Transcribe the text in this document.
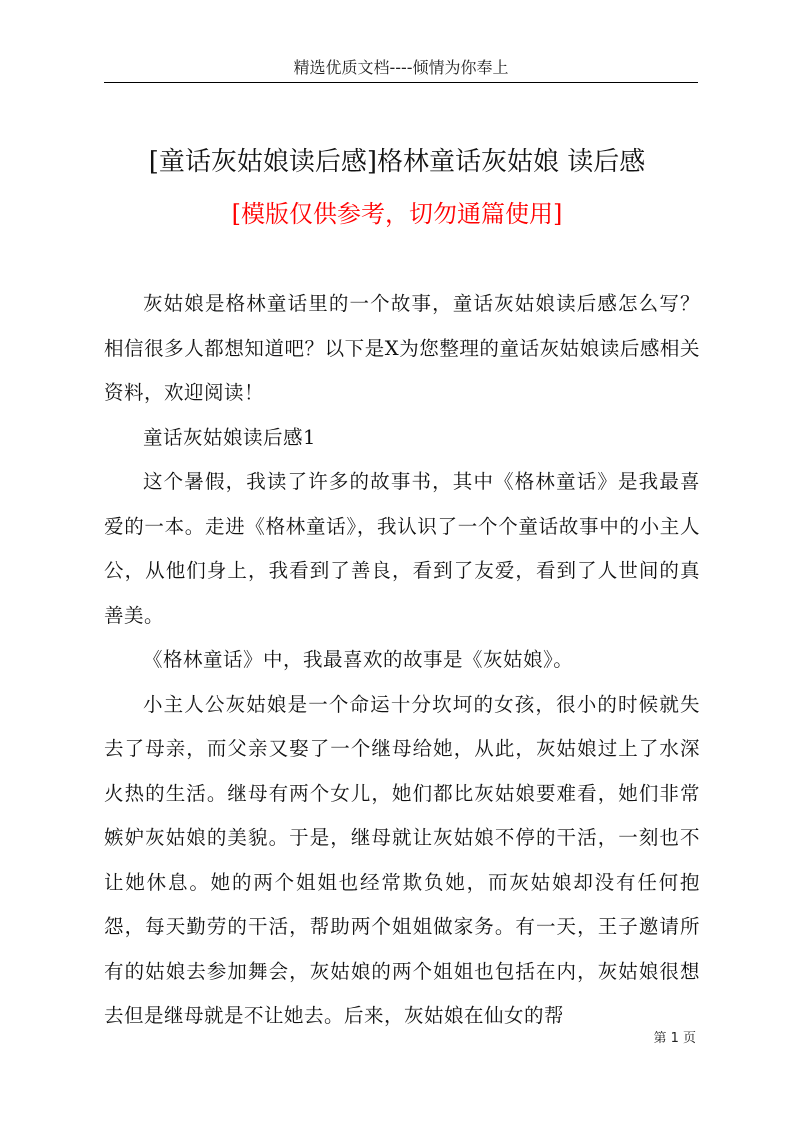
精选优质文档----倾情为你奉上
[童话灰姑娘读后感]格林童话灰姑娘 读后感
[模版仅供参考，切勿通篇使用]

灰姑娘是格林童话里的一个故事，童话灰姑娘读后感怎么写？相信很多人都想知道吧？以下是X为您整理的童话灰姑娘读后感相关资料，欢迎阅读！

童话灰姑娘读后感1

这个暑假，我读了许多的故事书，其中《格林童话》是我最喜爱的一本。走进《格林童话》，我认识了一个个童话故事中的小主人公，从他们身上，我看到了善良，看到了友爱，看到了人世间的真善美。

《格林童话》中，我最喜欢的故事是《灰姑娘》。

小主人公灰姑娘是一个命运十分坎坷的女孩，很小的时候就失去了母亲，而父亲又娶了一个继母给她，从此，灰姑娘过上了水深火热的生活。继母有两个女儿，她们都比灰姑娘要难看，她们非常嫉妒灰姑娘的美貌。于是，继母就让灰姑娘不停的干活，一刻也不让她休息。她的两个姐姐也经常欺负她，而灰姑娘却没有任何抱怨，每天勤劳的干活，帮助两个姐姐做家务。有一天，王子邀请所有的姑娘去参加舞会，灰姑娘的两个姐姐也包括在内，灰姑娘很想去但是继母就是不让她去。后来，灰姑娘在仙女的帮

第 1 页
